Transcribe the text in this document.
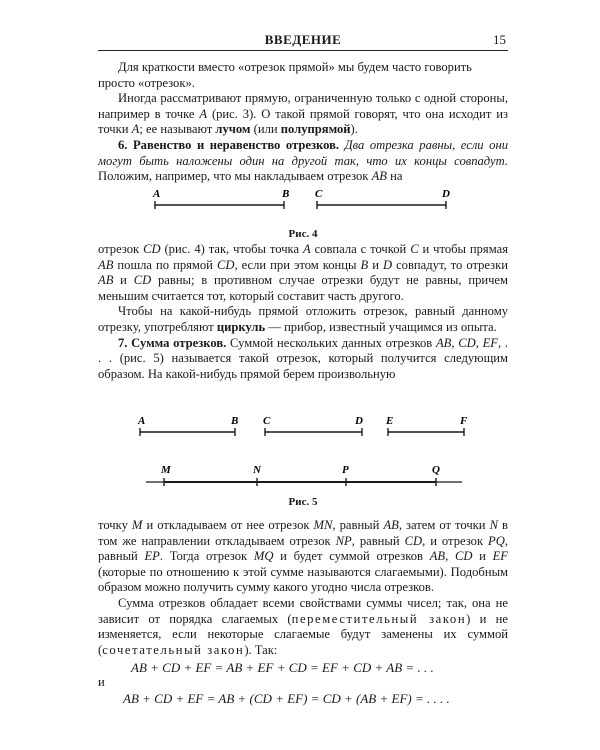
ВВЕДЕНИЕ	15

Для краткости вместо «отрезок прямой» мы будем часто говорить
просто «отрезок».

Иногда рассматривают прямую, ограниченную только с одной стороны, например в точке A (рис. 3). О такой прямой говорят, что она исходит из точки A; ее называют лучом (или полупрямой).

6. Равенство и неравенство отрезков. Два отрезка равны, если они могут быть наложены один на другой так, что их концы совпадут. Положим, например, что мы накладываем отрезок AB на

A	B C	D
Рис. 4

отрезок CD (рис. 4) так, чтобы точка A совпала с точкой C и чтобы прямая AB пошла по прямой CD, если при этом концы B и D совпадут, то отрезки AB и CD равны; в противном случае отрезки будут не равны, причем меньшим считается тот, который составит часть другого.

Чтобы на какой-нибудь прямой отложить отрезок, равный данному отрезку, употребляют циркуль — прибор, известный учащимся из опыта.

7. Сумма отрезков. Суммой нескольких данных отрезков AB, CD, EF, . . . (рис. 5) называется такой отрезок, который получится следующим образом. На какой-нибудь прямой берем произвольную

A	B C	D E	F
M	N	P	Q
Рис. 5

точку M и откладываем от нее отрезок MN, равный AB, затем от точки N в том же направлении откладываем отрезок NP, равный CD, и отрезок PQ, равный EP. Тогда отрезок MQ и будет суммой отрезков AB, CD и EF (которые по отношению к этой сумме называются слагаемыми). Подобным образом можно получить сумму какого угодно числа отрезков.

Сумма отрезков обладает всеми свойствами суммы чисел; так, она не зависит от порядка слагаемых (переместительный закон) и не изменяется, если некоторые слагаемые будут заменены их суммой (сочетательный закон). Так:

AB + CD + EF = AB + EF + CD = EF + CD + AB = . . .
и
AB + CD + EF = AB + (CD + EF) = CD + (AB + EF) = . . . .
